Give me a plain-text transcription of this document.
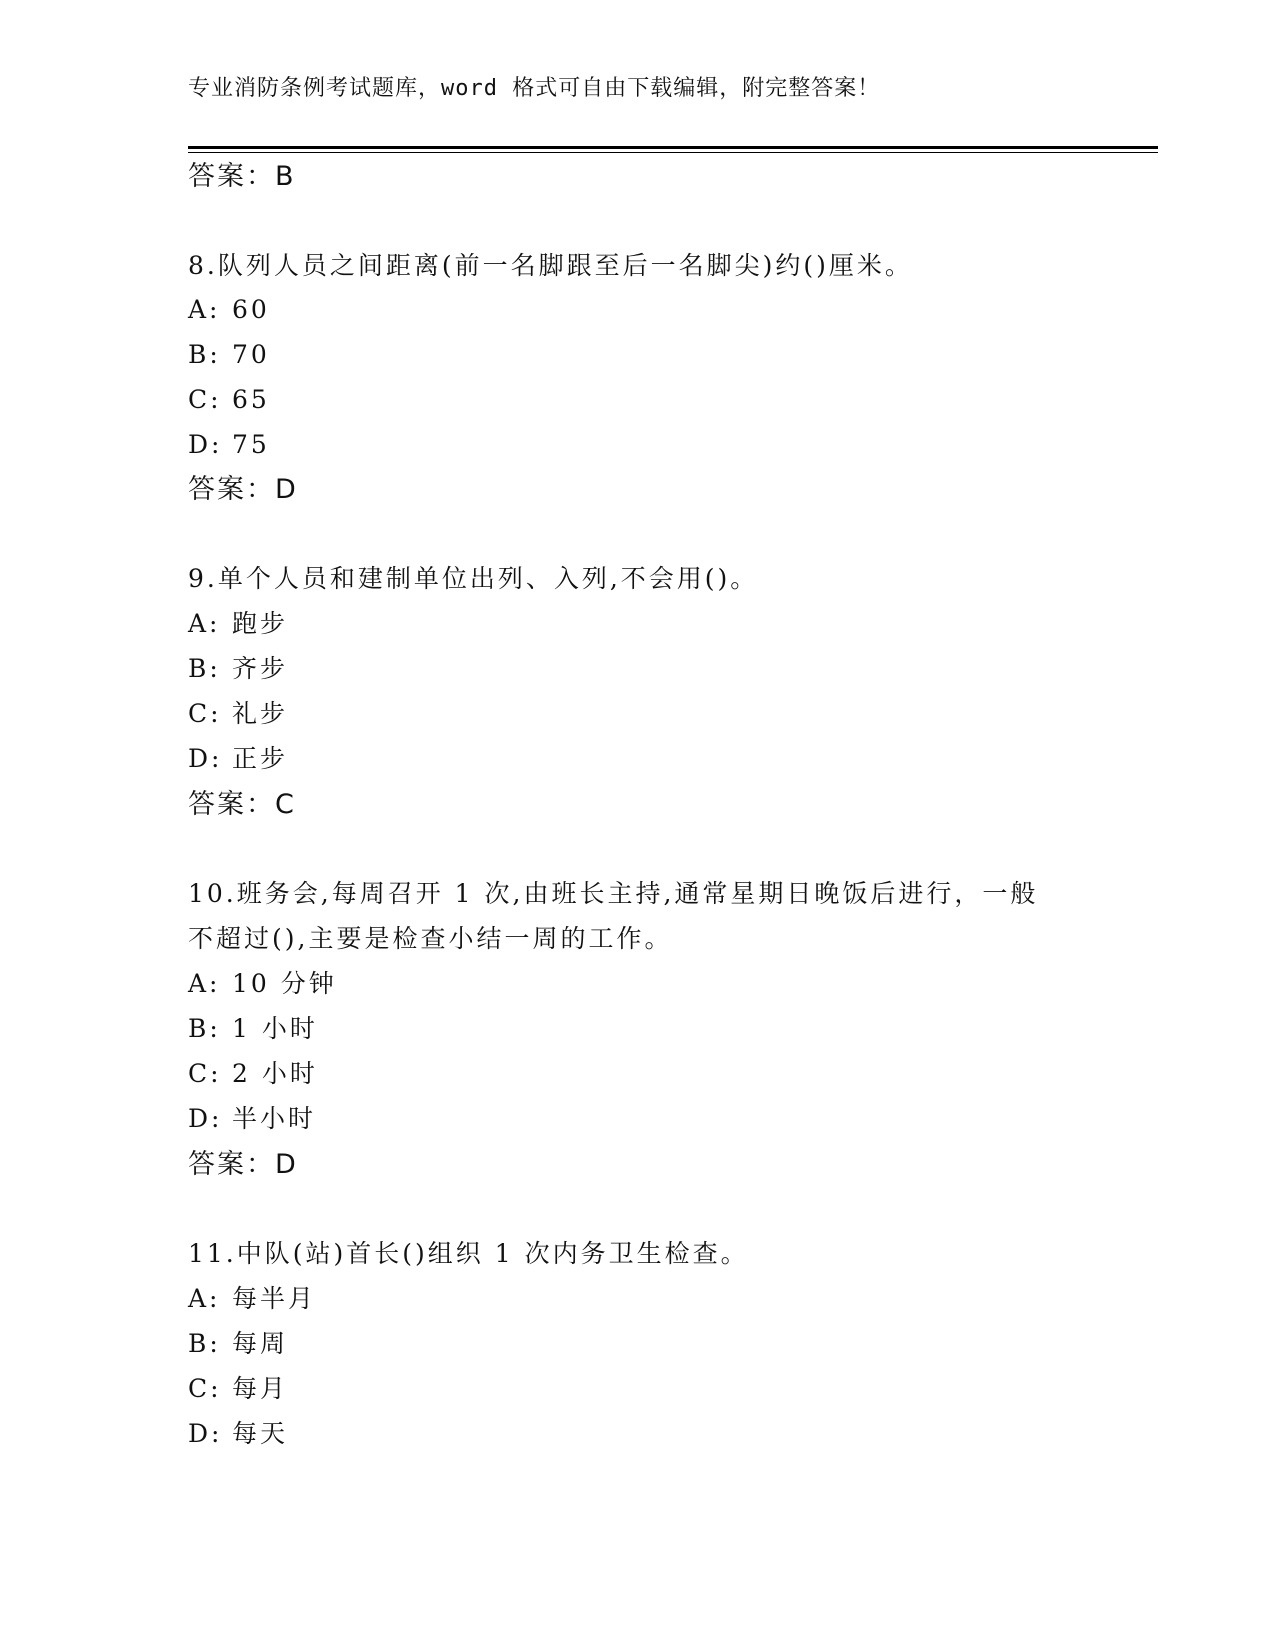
专业消防条例考试题库，word 格式可自由下载编辑，附完整答案！
答案：B
8.队列人员之间距离(前一名脚跟至后一名脚尖)约()厘米。
A: 60
B: 70
C: 65
D: 75
答案：D
9.单个人员和建制单位出列、入列,不会用()。
A: 跑步
B: 齐步
C: 礼步
D: 正步
答案：C
10.班务会,每周召开 1 次,由班长主持,通常星期日晚饭后进行，一般
不超过(),主要是检查小结一周的工作。
A: 10 分钟
B: 1 小时
C: 2 小时
D: 半小时
答案：D
11.中队(站)首长()组织 1 次内务卫生检查。
A: 每半月
B: 每周
C: 每月
D: 每天
